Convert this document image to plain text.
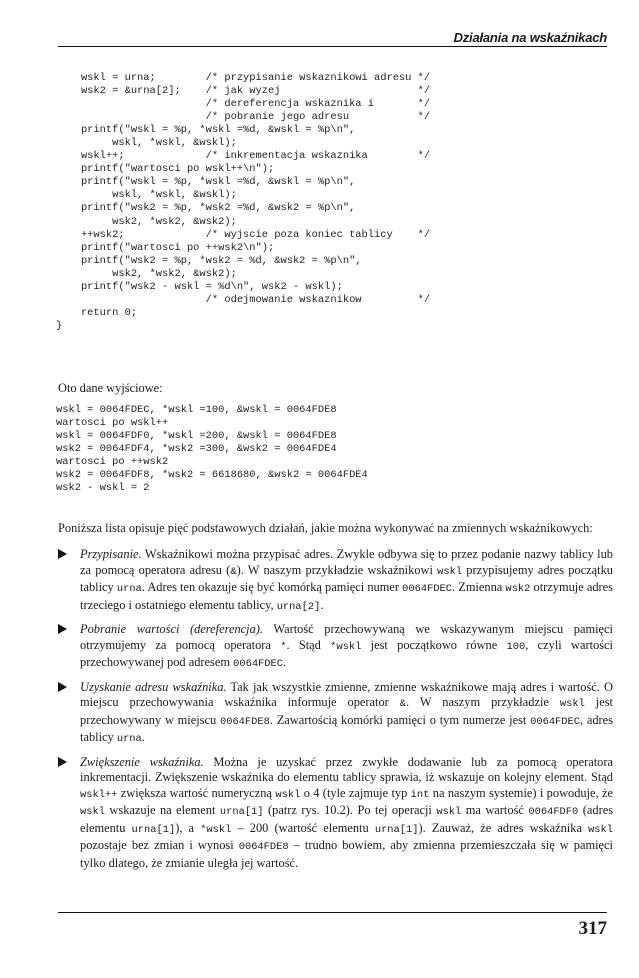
Działania na wskaźnikach
wskl = urna;        /* przypisanie wskaznikowi adresu */
wsk2 = &urna[2];    /* jak wyzej                      */
/* dereferencja wskaznika i       */
/* pobranie jego adresu           */
printf("wskl = %p, *wskl =%d, &wskl = %p\n",
wskl, *wskl, &wskl);
wskl++;             /* inkrementacja wskaznika        */
printf("wartosci po wskl++\n");
printf("wskl = %p, *wskl =%d, &wskl = %p\n",
wskl, *wskl, &wskl);
printf("wsk2 = %p, *wsk2 =%d, &wsk2 = %p\n",
wsk2, *wsk2, &wsk2);
++wsk2;             /* wyjscie poza koniec tablicy    */
printf("wartosci po ++wsk2\n");
printf("wsk2 = %p, *wsk2 = %d, &wsk2 = %p\n",
wsk2, *wsk2, &wsk2);
printf("wsk2 - wskl = %d\n", wsk2 - wskl);
/* odejmowanie wskaznikow         */
return 0;
}

Oto dane wyjściowe:

wskl = 0064FDEC, *wskl =100, &wskl = 0064FDE8
wartosci po wskl++
wskl = 0064FDF0, *wskl =200, &wskl = 0064FDE8
wsk2 = 0064FDF4, *wsk2 =300, &wsk2 = 0064FDE4
wartosci po ++wsk2
wsk2 = 0064FDF8, *wsk2 = 6618680, &wsk2 = 0064FDE4
wsk2 - wskl = 2

Poniższa lista opisuje pięć podstawowych działań, jakie można wykonywać na zmiennych wskaźnikowych:

Przypisanie. Wskaźnikowi można przypisać adres. Zwykle odbywa się to przez podanie nazwy tablicy lub za pomocą operatora adresu (&). W naszym przykładzie wskaźnikowi wskl przypisujemy adres początku tablicy urna. Adres ten okazuje się być komórką pamięci numer 0064FDEC. Zmienna wsk2 otrzymuje adres trzeciego i ostatniego elementu tablicy, urna[2].
Pobranie wartości (dereferencja). Wartość przechowywaną we wskazywanym miejscu pamięci otrzymujemy za pomocą operatora *. Stąd *wskl jest początkowo równe 100, czyli wartości przechowywanej pod adresem 0064FDEC.
Uzyskanie adresu wskaźnika. Tak jak wszystkie zmienne, zmienne wskaźnikowe mają adres i wartość. O miejscu przechowywania wskaźnika informuje operator &. W naszym przykładzie wskl jest przechowywany w miejscu 0064FDE8. Zawartością komórki pamięci o tym numerze jest 0064FDEC, adres tablicy urna.
Zwiększenie wskaźnika. Można je uzyskać przez zwykłe dodawanie lub za pomocą operatora inkrementacji. Zwiększenie wskaźnika do elementu tablicy sprawia, iż wskazuje on kolejny element. Stąd wskl++ zwiększa wartość numeryczną wskl o 4 (tyle zajmuje typ int na naszym systemie) i powoduje, że wskl wskazuje na element urna[1] (patrz rys. 10.2). Po tej operacji wskl ma wartość 0064FDF0 (adres elementu urna[1]), a *wskl – 200 (wartość elementu urna[1]). Zauważ, że adres wskaźnika wskl pozostaje bez zmian i wynosi 0064FDE8 – trudno bowiem, aby zmienna przemieszczała się w pamięci tylko dlatego, że zmianie uległa jej wartość.
317
